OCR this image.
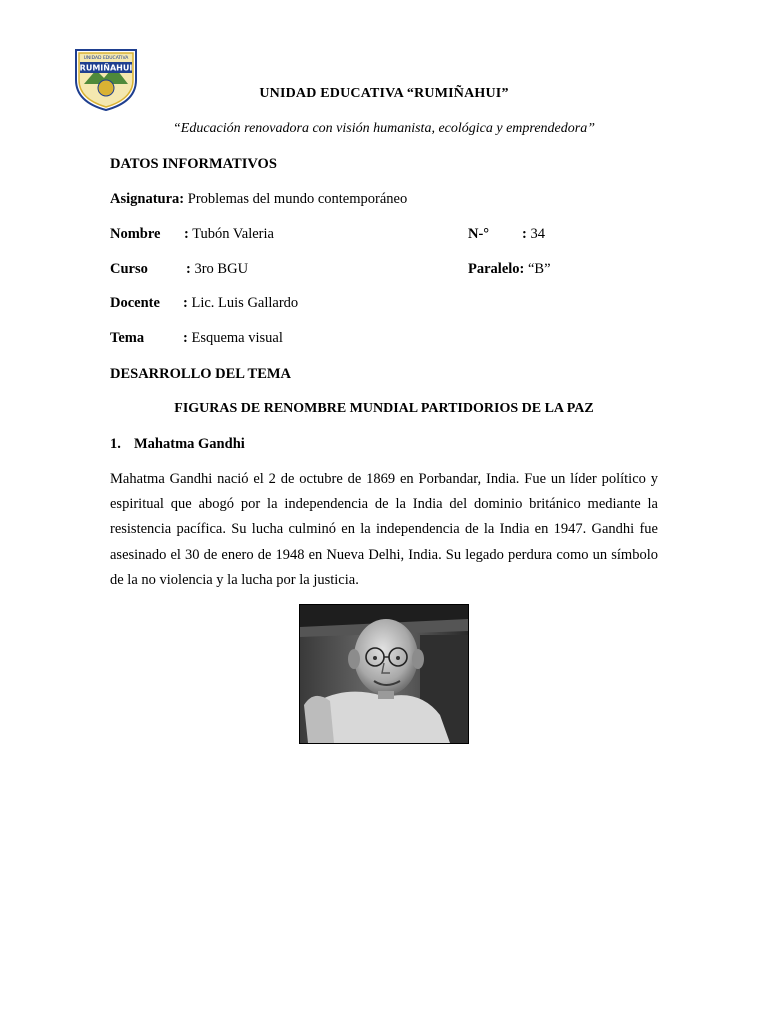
UNIDAD EDUCATIVA
RUMIÑAHUI
UNIDAD EDUCATIVA “RUMIÑAHUI”
“Educación renovadora con visión humanista, ecológica y emprendedora”
DATOS INFORMATIVOS
Asignatura: Problemas del mundo contemporáneo
Nombre : Tubón Valeria	N-° : 34
Curso	: 3ro BGU	Paralelo: “B”
Docente : Lic. Luis Gallardo
Tema	: Esquema visual
DESARROLLO DEL TEMA
FIGURAS DE RENOMBRE MUNDIAL PARTIDORIOS DE LA PAZ
1. Mahatma Gandhi
Mahatma Gandhi nació el 2 de octubre de 1869 en Porbandar, India. Fue un líder político y espiritual que abogó por la independencia de la India del dominio británico mediante la resistencia pacífica. Su lucha culminó en la independencia de la India en 1947. Gandhi fue asesinado el 30 de enero de 1948 en Nueva Delhi, India. Su legado perdura como un símbolo de la no violencia y la lucha por la justicia.
